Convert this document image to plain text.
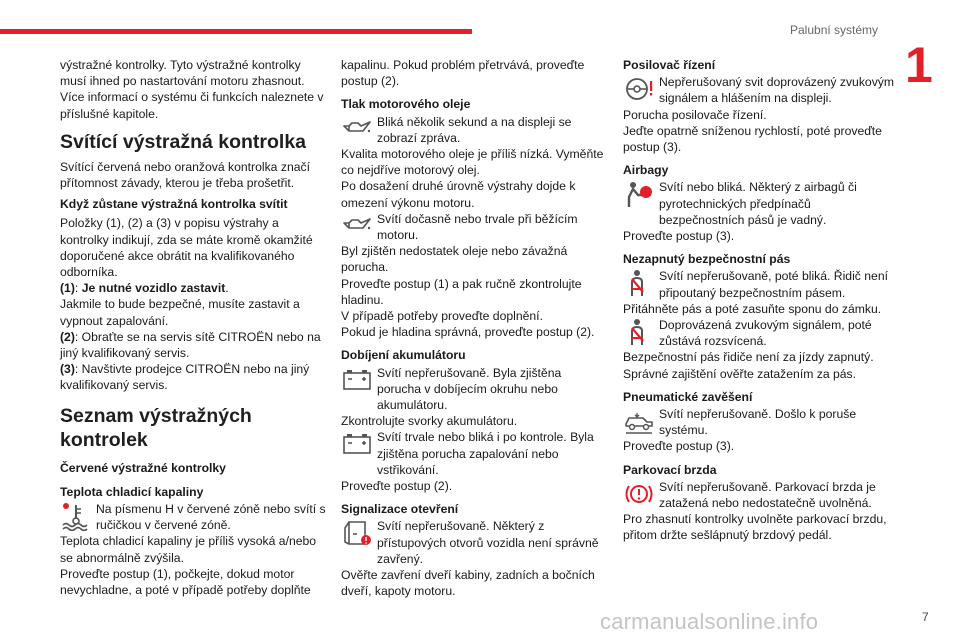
Palubní systémy
1

výstražné kontrolky. Tyto výstražné kontrolky musí ihned po nastartování motoru zhasnout. Více informací o systému či funkcích naleznete v příslušné kapitole.

Svítící výstražná kontrolka

Svítící červená nebo oranžová kontrolka značí přítomnost závady, kterou je třeba prošetřit.

Když zůstane výstražná kontrolka svítit

Položky (1), (2) a (3) v popisu výstrahy a kontrolky indikují, zda se máte kromě okamžité doporučené akce obrátit na kvalifikovaného odborníka.

(1): Je nutné vozidlo zastavit.

Jakmile to bude bezpečné, musíte zastavit a vypnout zapalování.

(2): Obraťte se na servis sítě CITROËN nebo na jiný kvalifikovaný servis.

(3): Navštivte prodejce CITROËN nebo na jiný kvalifikovaný servis.

Seznam výstražných kontrolek
Červené výstražné kontrolky
Teplota chladicí kapaliny
Na písmenu H v červené zóně nebo svítí s ručičkou v červené zóně.

Teplota chladicí kapaliny je příliš vysoká a/nebo se abnormálně zvýšila.

Proveďte postup (1), počkejte, dokud motor nevychladne, a poté v případě potřeby doplňte

kapalinu. Pokud problém přetrvává, proveďte postup (2).

Tlak motorového oleje
Bliká několik sekund a na displeji se zobrazí zpráva.

Kvalita motorového oleje je příliš nízká. Vyměňte co nejdříve motorový olej.

Po dosažení druhé úrovně výstrahy dojde k omezení výkonu motoru.

Svítí dočasně nebo trvale při běžícím motoru.

Byl zjištěn nedostatek oleje nebo závažná porucha.

Proveďte postup (1) a pak ručně zkontrolujte hladinu.

V případě potřeby proveďte doplnění.

Pokud je hladina správná, proveďte postup (2).

Dobíjení akumulátoru
Svítí nepřerušovaně. Byla zjištěna porucha v dobíjecím okruhu nebo akumulátoru.

Zkontrolujte svorky akumulátoru.

Svítí trvale nebo bliká i po kontrole. Byla zjištěna porucha zapalování nebo vstřikování.

Proveďte postup (2).

Signalizace otevření
Svítí nepřerušovaně. Některý z přístupových otvorů vozidla není správně zavřený.

Ověřte zavření dveří kabiny, zadních a bočních dveří, kapoty motoru.

Posilovač řízení
Nepřerušovaný svit doprovázený zvukovým signálem a hlášením na displeji.

Porucha posilovače řízení.

Jeďte opatrně sníženou rychlostí, poté proveďte postup (3).

Airbagy
Svítí nebo bliká. Některý z airbagů či pyrotechnických předpínačů bezpečnostních pásů je vadný.

Proveďte postup (3).

Nezapnutý bezpečnostní pás
Svítí nepřerušovaně, poté bliká. Řidič není připoutaný bezpečnostním pásem.

Přitáhněte pás a poté zasuňte sponu do zámku.

Doprovázená zvukovým signálem, poté zůstává rozsvícená.

Bezpečnostní pás řidiče není za jízdy zapnutý. Správné zajištění ověřte zatažením za pás.

Pneumatické zavěšení
Svítí nepřerušovaně. Došlo k poruše systému.

Proveďte postup (3).

Parkovací brzda
Svítí nepřerušovaně. Parkovací brzda je zatažená nebo nedostatečně uvolněná.

Pro zhasnutí kontrolky uvolněte parkovací brzdu, přitom držte sešlápnutý brzdový pedál.

carmanualsonline.info	7
